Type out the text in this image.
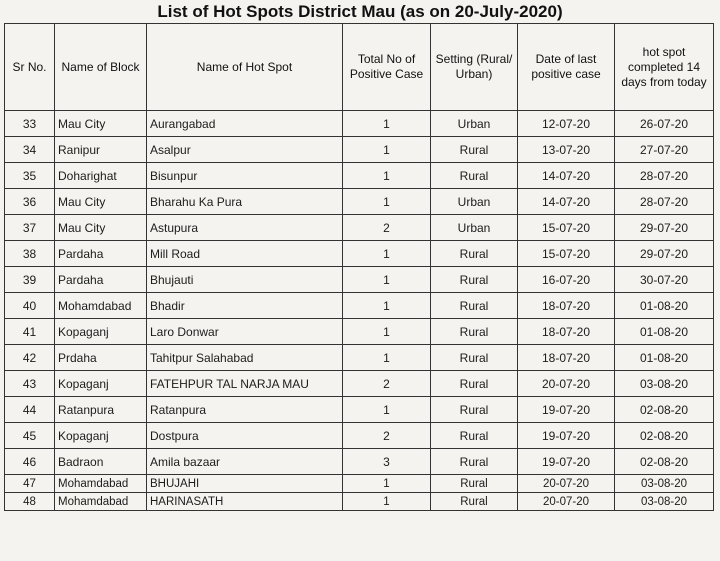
List of Hot Spots District Mau (as on 20-July-2020)
Sr No.	Name of Block	Name of Hot Spot	Total No of Positive Case	Setting (Rural/ Urban)	Date of last positive case	hot spot completed 14 days from today
33	Mau City	Aurangabad	1	Urban	12-07-20	26-07-20
34	Ranipur	Asalpur	1	Rural	13-07-20	27-07-20
35	Doharighat	Bisunpur	1	Rural	14-07-20	28-07-20
36	Mau City	Bharahu Ka Pura	1	Urban	14-07-20	28-07-20
37	Mau City	Astupura	2	Urban	15-07-20	29-07-20
38	Pardaha	Mill Road	1	Rural	15-07-20	29-07-20
39	Pardaha	Bhujauti	1	Rural	16-07-20	30-07-20
40	Mohamdabad	Bhadir	1	Rural	18-07-20	01-08-20
41	Kopaganj	Laro Donwar	1	Rural	18-07-20	01-08-20
42	Prdaha	Tahitpur Salahabad	1	Rural	18-07-20	01-08-20
43	Kopaganj	FATEHPUR TAL NARJA MAU	2	Rural	20-07-20	03-08-20
44	Ratanpura	Ratanpura	1	Rural	19-07-20	02-08-20
45	Kopaganj	Dostpura	2	Rural	19-07-20	02-08-20
46	Badraon	Amila bazaar	3	Rural	19-07-20	02-08-20
47	Mohamdabad	BHUJAHI	1	Rural	20-07-20	03-08-20
48	Mohamdabad	HARINASATH	1	Rural	20-07-20	03-08-20
